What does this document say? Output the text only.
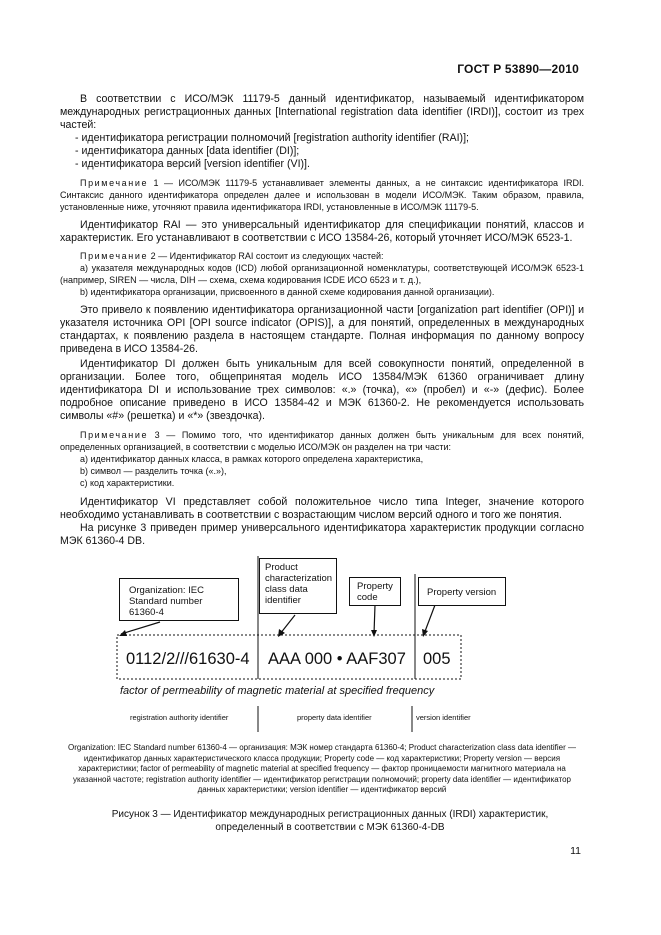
ГОСТ Р 53890—2010

В соответствии с ИСО/МЭК 11179-5 данный идентификатор, называемый идентификатором международных регистрационных данных [International registration data identifier (IRDI)], состоит из трех частей:

- идентификатора регистрации полномочий [registration authority identifier (RAI)];

- идентификатора данных [data identifier (DI)];

- идентификатора версий [version identifier (VI)].

Примечание 1 — ИСО/МЭК 11179-5 устанавливает элементы данных, а не синтаксис идентификатора IRDI. Синтаксис данного идентификатора определен далее и использован в модели ИСО/МЭК. Таким образом, правила, установленные ниже, уточняют правила идентификатора IRDI, установленные в ИСО/МЭК 11179-5.

Идентификатор RAI — это универсальный идентификатор для спецификации понятий, классов и характеристик. Его устанавливают в соответствии с ИСО 13584-26, который уточняет ИСО/МЭК 6523-1.

Примечание 2 — Идентификатор RAI состоит из следующих частей:

а) указателя международных кодов (ICD) любой организационной номенклатуры, соответствующей ИСО/МЭК 6523-1 (например, SIREN — числа, DIH — схема, схема кодирования ICDE ИСО 6523 и т. д.),

b) идентификатора организации, присвоенного в данной схеме кодирования данной организации).

Это привело к появлению идентификатора организационной части [organization part identifier (OPI)] и указателя источника OPI [OPI source indicator (OPIS)], а для понятий, определенных в международных стандартах, к появлению раздела в настоящем стандарте. Полная информация по данному вопросу приведена в ИСО 13584-26.

Идентификатор DI должен быть уникальным для всей совокупности понятий, определенной в организации. Более того, общепринятая модель ИСО 13584/МЭК 61360 ограничивает длину идентификатора DI и использование трех символов: «.» (точка), «» (пробел) и «-» (дефис). Более подробное описание приведено в ИСО 13584-42 и МЭК 61360-2. Не рекомендуется использовать символы «#» (решетка) и «*» (звездочка).

Примечание 3 — Помимо того, что идентификатор данных должен быть уникальным для всех понятий, определенных организацией, в соответствии с моделью ИСО/МЭК он разделен на три части:

а) идентификатор данных класса, в рамках которого определена характеристика,

b) символ — разделить точка («.»),

c) код характеристики.

Идентификатор VI представляет собой положительное число типа Integer, значение которого необходимо устанавливать в соответствии с возрастающим числом версий одного и того же понятия.

На рисунке 3 приведен пример универсального идентификатора характеристик продукции согласно МЭК 61360-4 DB.

Organization: IEC Standard number 61360-4
Product characterization class data identifier
Property code	Property version
0112/2///61630-4 AAA 000 • AAF307 005
factor of permeability of magnetic material at specified frequency
registration authority identifier	property data identifier	version identifier

Organization: IEC Standard number 61360-4 — организация: МЭК номер стандарта 61360-4; Product characterization class data identifier — идентификатор данных характеристического класса продукции; Property code — код характеристики; Property version — версия характеристики; factor of permeability of magnetic material at specified frequency — фактор проницаемости магнитного материала на указанной частоте; registration authority identifier — идентификатор регистрации полномочий; property data identifier — идентификатор данных характеристики; version identifier — идентификатор версий

Рисунок 3 — Идентификатор международных регистрационных данных (IRDI) характеристик,

определенный в соответствии с МЭК 61360-4-DB

11
